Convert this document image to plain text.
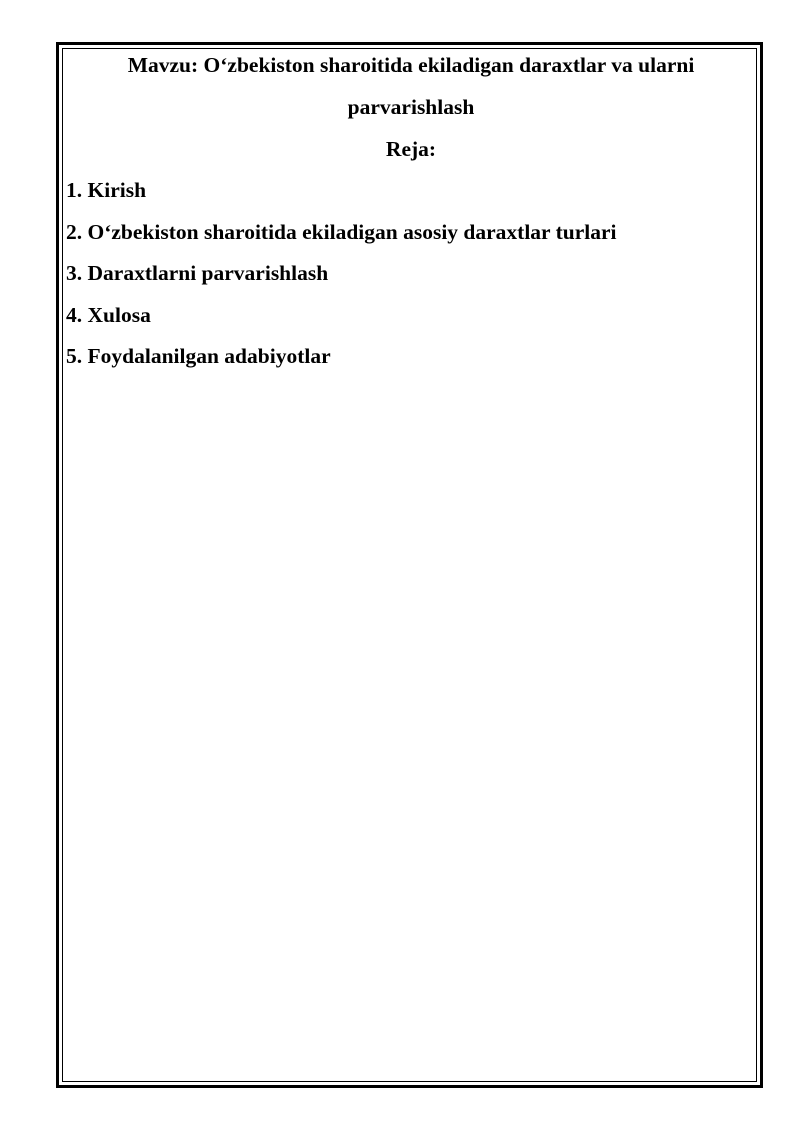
Mavzu: O‘zbekiston sharoitida ekiladigan daraxtlar va ularni parvarishlash
Reja:
1. Kirish
2. O‘zbekiston sharoitida ekiladigan asosiy daraxtlar turlari
3. Daraxtlarni parvarishlash
4. Xulosa
5. Foydalanilgan adabiyotlar
